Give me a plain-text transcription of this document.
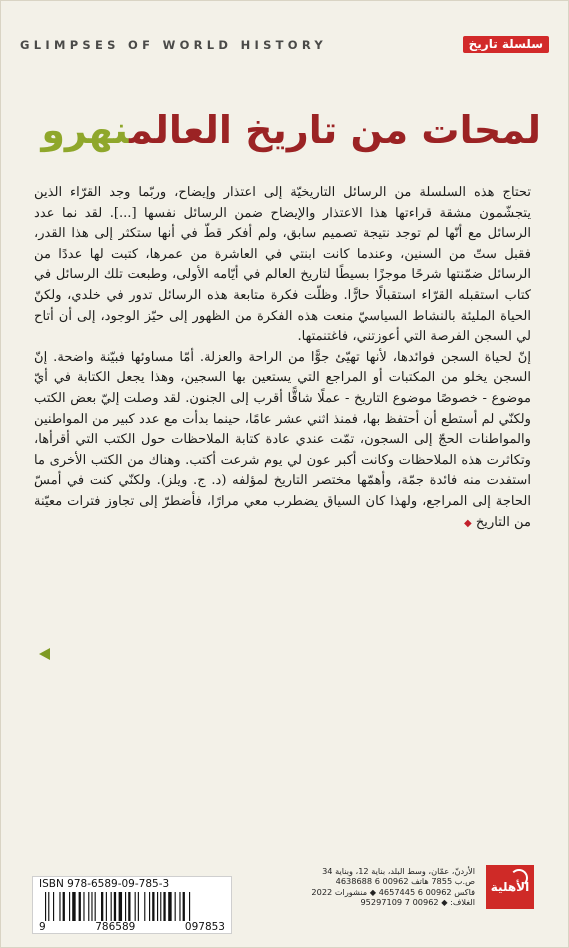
GLIMPSES OF WORLD HISTORY	سلسلة تاريخ
لمحات من تاريخ العالمنهرو

تحتاج هذه السلسلة من الرسائل التاريخيّة إلى اعتذار وإيضاح، وربّما وجد القرّاء الذين يتجشّمون مشقة قراءتها هذا الاعتذار والإيضاح ضمن الرسائل نفسها [...]. لقد نما عدد الرسائل مع أنّها لم توجد نتيجة تصميم سابق، ولم أفكر قطّ في أنها ستكثر إلى هذا القدر، فقبل ستّ من السنين، وعندما كانت ابنتي في العاشرة من عمرها، كتبت لها عددًا من الرسائل ضمّنتها شرحًا موجزًا بسيطًا لتاريخ العالم في أيّامه الأولى، وطبعت تلك الرسائل في كتاب استقبله القرّاء استقبالًا حارًّا. وظلّت فكرة متابعة هذه الرسائل تدور في خلدي، ولكنّ الحياة المليئة بالنشاط السياسيّ منعت هذه الفكرة من الظهور إلى حيّز الوجود، إلى أن أتاح لي السجن الفرصة التي أعوزتني، فاغتنمتها.

إنّ لحياة السجن فوائدها، لأنها تهيّئ جوًّا من الراحة والعزلة. أمّا مساوئها فبيّنة واضحة. إنّ السجن يخلو من المكتبات أو المراجع التي يستعين بها السجين، وهذا يجعل الكتابة في أيّ موضوع - خصوصًا موضوع التاريخ - عملًا شاقًّا أقرب إلى الجنون. لقد وصلت إليّ بعض الكتب ولكنّي لم أستطع أن أحتفظ بها، فمنذ اثني عشر عامًا، حينما بدأت مع عدد كبير من المواطنين والمواطنات الحجّ إلى السجون، تمّت عندي عادة كتابة الملاحظات حول الكتب التي أقرأها، وتكاثرت هذه الملاحظات وكانت أكبر عون لي يوم شرعت أكتب. وهناك من الكتب الأخرى ما استفدت منه فائدة جمّة، وأهمّها مختصر التاريخ لمؤلفه (د. ج. ويلز). ولكنّي كنت في أمسّ الحاجة إلى المراجع، ولهذا كان السياق يضطرب معي مرارًا، فأضطرّ إلى تجاوز فترات معيّنة من التاريخ ◆

ISBN 978-6589-09-785-3
9	786589	097853
الأردنّ، عمّان، وسط البلد، بناية 12، وبناية 34
ص.ب 7855 هاتف 00962 6 4638688
فاكس 00962 6 4657445 ◆ منشورات 2022
الغلاف: ◆ 00962 7 95297109
الأهلية
